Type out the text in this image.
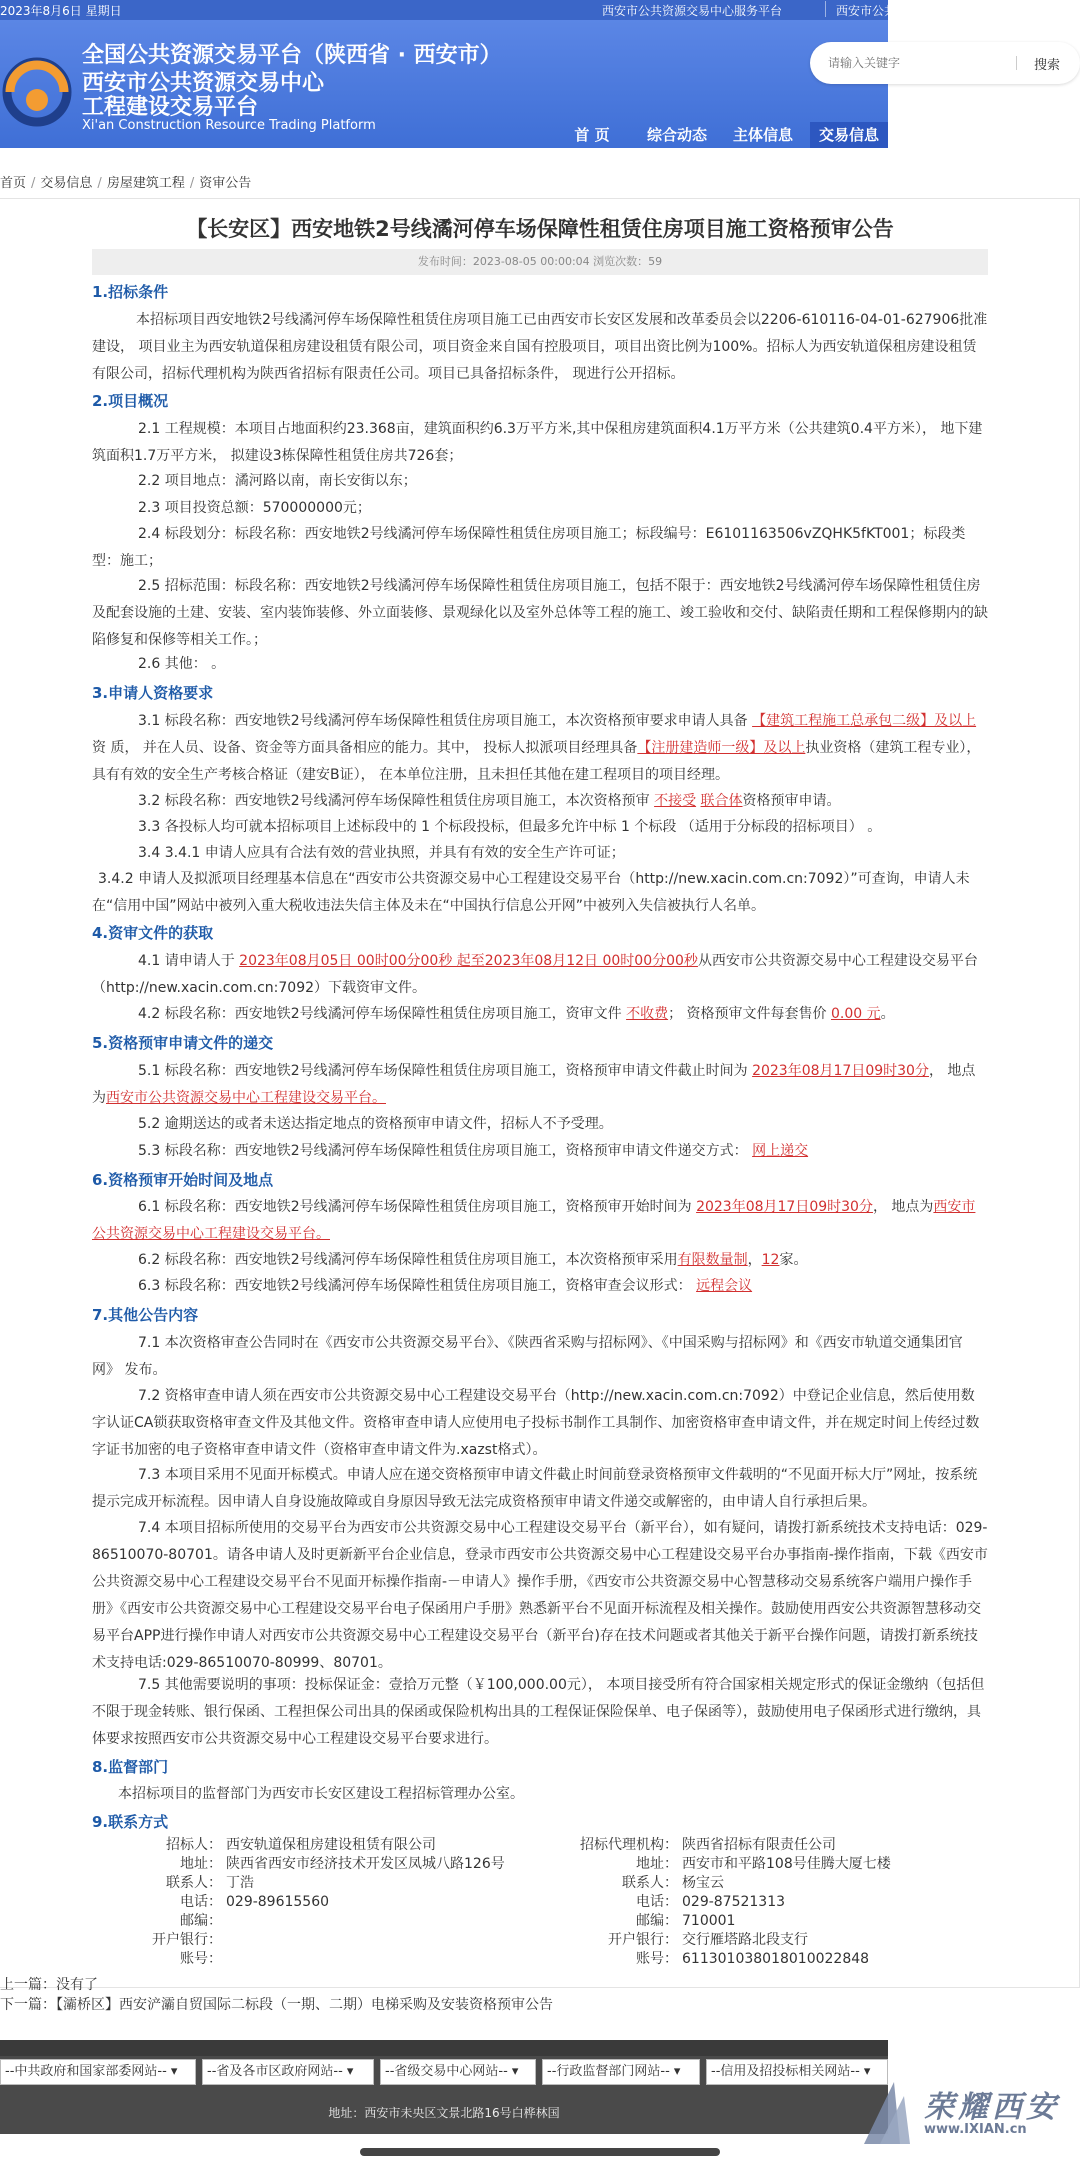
2023年8月6日 星期日	西安市公共资源交易中心服务平台	西安市公共资源交易
全国公共资源交易平台（陕西省 · 西安市）
西安市公共资源交易中心
工程建设交易平台
Xi'an Construction Resource Trading Platform
首 页	综合动态	主体信息	交易信息
请输入关键字
搜索
首页 / 交易信息 / 房屋建筑工程 / 资审公告
【长安区】西安地铁2号线潏河停车场保障性租赁住房项目施工资格预审公告
发布时间：2023-08-05 00:00:04 浏览次数：59
1.招标条件
本招标项目西安地铁2号线潏河停车场保障性租赁住房项目施工已由西安市长安区发展和改革委员会以2206-610116-04-01-627906批准建设， 项目业主为西安轨道保租房建设租赁有限公司，项目资金来自国有控股项目，项目出资比例为100%。招标人为西安轨道保租房建设租赁有限公司，招标代理机构为陕西省招标有限责任公司。项目已具备招标条件， 现进行公开招标。
2.项目概况
2.1 工程规模：本项目占地面积约23.368亩，建筑面积约6.3万平方米,其中保租房建筑面积4.1万平方米（公共建筑0.4平方米）， 地下建筑面积1.7万平方米， 拟建设3栋保障性租赁住房共726套；
2.2 项目地点：潏河路以南，南长安街以东；
2.3 项目投资总额：570000000元；
2.4 标段划分：标段名称：西安地铁2号线潏河停车场保障性租赁住房项目施工；标段编号：E6101163506vZQHK5fKT001；标段类型：施工；
2.5 招标范围：标段名称：西安地铁2号线潏河停车场保障性租赁住房项目施工，包括不限于：西安地铁2号线潏河停车场保障性租赁住房及配套设施的土建、安装、室内装饰装修、外立面装修、景观绿化以及室外总体等工程的施工、竣工验收和交付、缺陷责任期和工程保修期内的缺陷修复和保修等相关工作。；
2.6 其他： 。
3.申请人资格要求
3.1 标段名称：西安地铁2号线潏河停车场保障性租赁住房项目施工，本次资格预审要求申请人具备 【建筑工程施工总承包二级】及以上资 质， 并在人员、设备、资金等方面具备相应的能力。其中， 投标人拟派项目经理具备【注册建造师一级】及以上执业资格（建筑工程专业），具有有效的安全生产考核合格证（建安B证）， 在本单位注册，且未担任其他在建工程项目的项目经理。
3.2 标段名称：西安地铁2号线潏河停车场保障性租赁住房项目施工，本次资格预审 不接受 联合体资格预审申请。
3.3 各投标人均可就本招标项目上述标段中的 1 个标段投标，但最多允许中标 1 个标段 （适用于分标段的招标项目） 。
3.4 3.4.1 申请人应具有合法有效的营业执照，并具有有效的安全生产许可证；
3.4.2 申请人及拟派项目经理基本信息在“西安市公共资源交易中心工程建设交易平台（http://new.xacin.com.cn:7092）”可查询，申请人未在“信用中国”网站中被列入重大税收违法失信主体及未在“中国执行信息公开网”中被列入失信被执行人名单。
4.资审文件的获取
4.1 请申请人于 2023年08月05日 00时00分00秒 起至2023年08月12日 00时00分00秒从西安市公共资源交易中心工程建设交易平台（http://new.xacin.com.cn:7092）下载资审文件。
4.2 标段名称：西安地铁2号线潏河停车场保障性租赁住房项目施工，资审文件 不收费； 资格预审文件每套售价 0.00 元。
5.资格预审申请文件的递交
5.1 标段名称：西安地铁2号线潏河停车场保障性租赁住房项目施工，资格预审申请文件截止时间为 2023年08月17日09时30分， 地点为西安市公共资源交易中心工程建设交易平台。
5.2 逾期送达的或者未送达指定地点的资格预审申请文件，招标人不予受理。
5.3 标段名称：西安地铁2号线潏河停车场保障性租赁住房项目施工，资格预审申请文件递交方式： 网上递交
6.资格预审开始时间及地点
6.1 标段名称：西安地铁2号线潏河停车场保障性租赁住房项目施工，资格预审开始时间为 2023年08月17日09时30分， 地点为西安市公共资源交易中心工程建设交易平台。
6.2 标段名称：西安地铁2号线潏河停车场保障性租赁住房项目施工，本次资格预审采用有限数量制，12家。
6.3 标段名称：西安地铁2号线潏河停车场保障性租赁住房项目施工，资格审查会议形式： 远程会议
7.其他公告内容
7.1 本次资格审查公告同时在《西安市公共资源交易平台》、《陕西省采购与招标网》、《中国采购与招标网》和《西安市轨道交通集团官网》 发布。
7.2 资格审查申请人须在西安市公共资源交易中心工程建设交易平台（http://new.xacin.com.cn:7092）中登记企业信息，然后使用数字认证CA锁获取资格审查文件及其他文件。资格审查申请人应使用电子投标书制作工具制作、加密资格审查申请文件，并在规定时间上传经过数字证书加密的电子资格审查申请文件（资格审查申请文件为.xazst格式）。
7.3 本项目采用不见面开标模式。申请人应在递交资格预审申请文件截止时间前登录资格预审文件载明的“不见面开标大厅”网址，按系统提示完成开标流程。因申请人自身设施故障或自身原因导致无法完成资格预审申请文件递交或解密的，由申请人自行承担后果。
7.4 本项目招标所使用的交易平台为西安市公共资源交易中心工程建设交易平台（新平台），如有疑问，请拨打新系统技术支持电话：029-86510070-80701。请各申请人及时更新新平台企业信息，登录市西安市公共资源交易中心工程建设交易平台办事指南-操作指南，下载《西安市公共资源交易中心工程建设交易平台不见面开标操作指南-－申请人》操作手册，《西安市公共资源交易中心智慧移动交易系统客户端用户操作手册》《西安市公共资源交易中心工程建设交易平台电子保函用户手册》熟悉新平台不见面开标流程及相关操作。鼓励使用西安公共资源智慧移动交易平台APP进行操作申请人对西安市公共资源交易中心工程建设交易平台（新平台)存在技术问题或者其他关于新平台操作问题，请拨打新系统技术支持电话:029-86510070-80999、80701。
7.5 其他需要说明的事项：投标保证金：壹拾万元整（￥100,000.00元）， 本项目接受所有符合国家相关规定形式的保证金缴纳（包括但不限于现金转账、银行保函、工程担保公司出具的保函或保险机构出具的工程保证保险保单、电子保函等），鼓励使用电子保函形式进行缴纳，具体要求按照西安市公共资源交易中心工程建设交易平台要求进行。
8.监督部门
本招标项目的监督部门为西安市长安区建设工程招标管理办公室。
9.联系方式
招标人： 西安轨道保租房建设租赁有限公司
地址： 陕西省西安市经济技术开发区凤城八路126号
联系人： 丁浩
电话： 029-89615560
邮编：
开户银行：
账号：
招标代理机构： 陕西省招标有限责任公司
地址： 西安市和平路108号佳腾大厦七楼
联系人： 杨宝云
电话： 029-87521313
邮编： 710001
开户银行： 交行雁塔路北段支行
账号： 611301038018010022848
上一篇：没有了
下一篇：【灞桥区】西安浐灞自贸国际二标段（一期、二期）电梯采购及安装资格预审公告
--中共政府和国家部委网站-- ▾	--省及各市区政府网站-- ▾	--省级交易中心网站-- ▾	--行政监督部门网站-- ▾	--信用及招投标相关网站-- ▾
地址：西安市未央区文景北路16号白桦林国	荣耀西安
www.IXIAN.cn
